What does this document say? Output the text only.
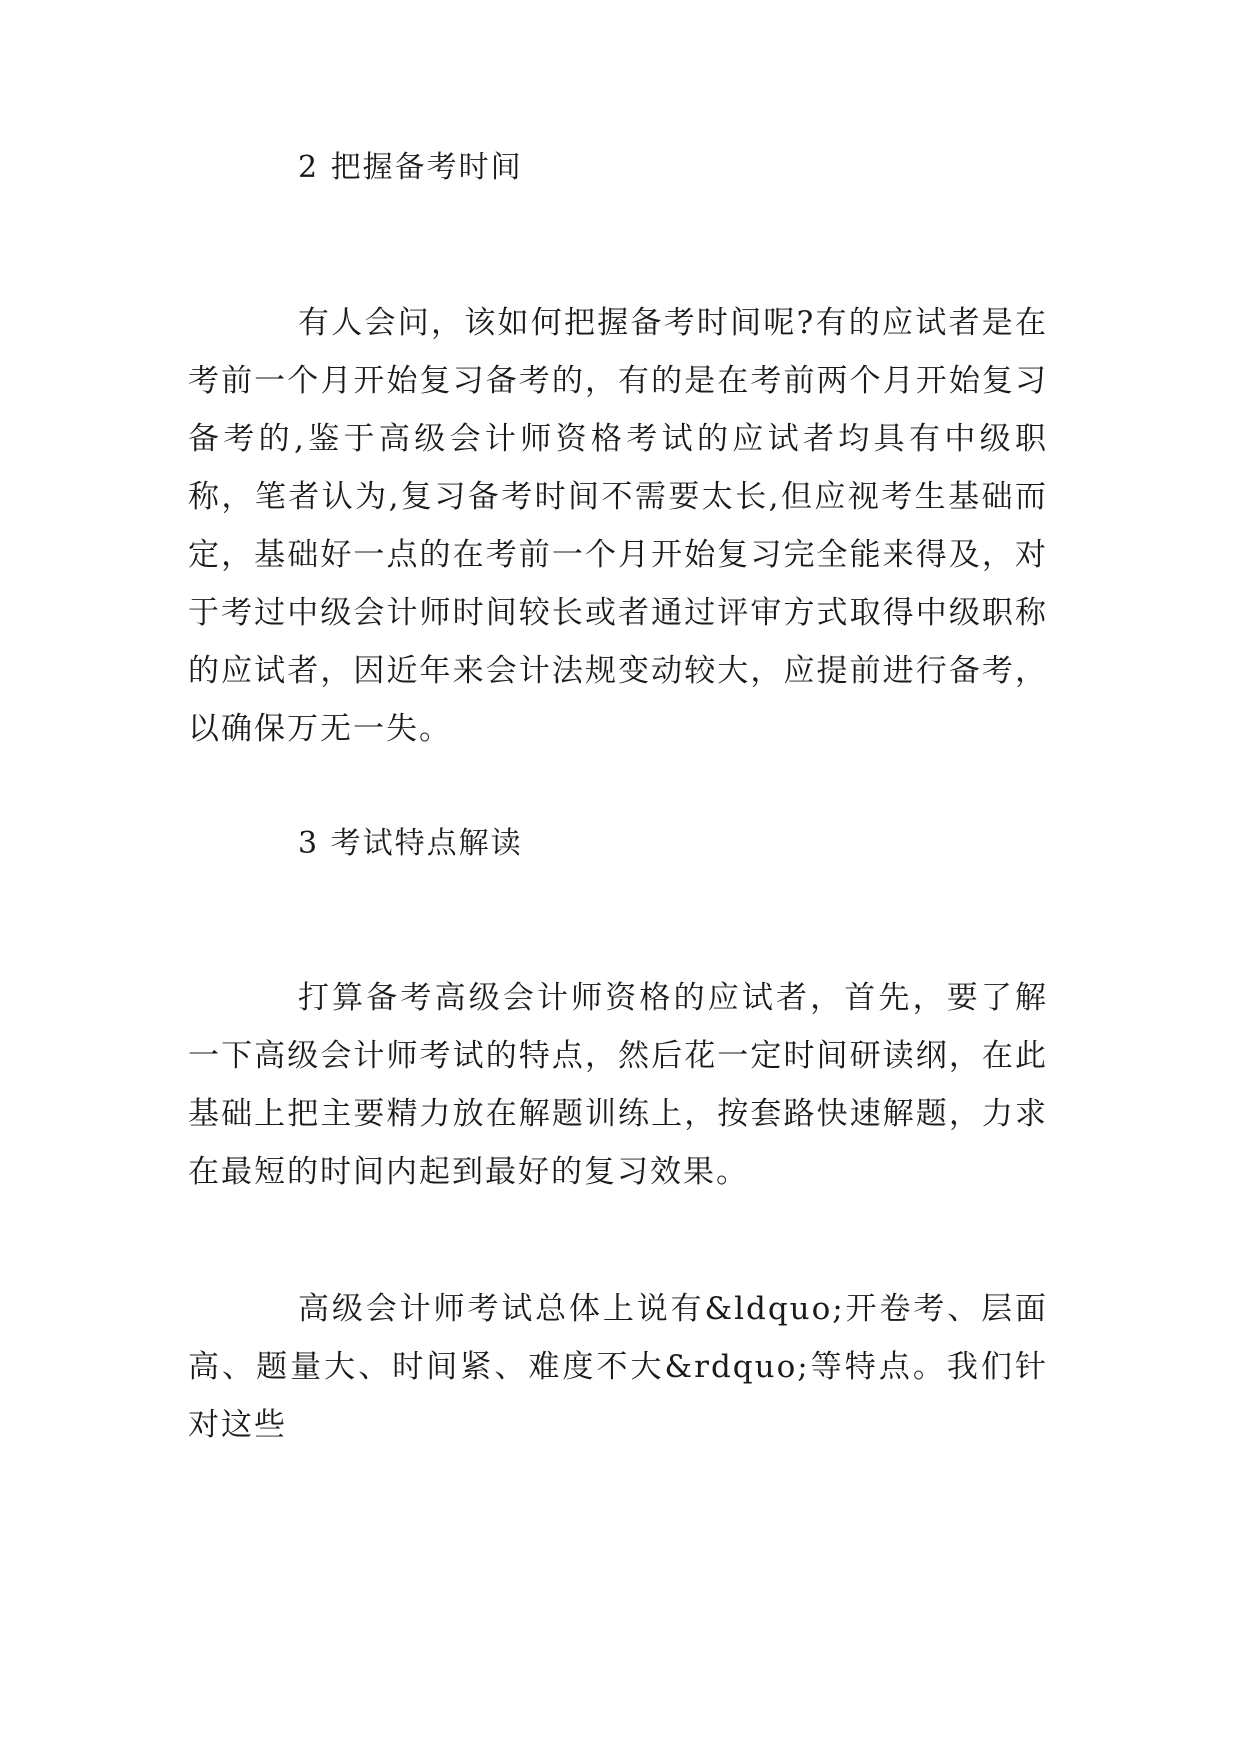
2 把握备考时间

有人会问，该如何把握备考时间呢?有的应试者是在考前一个月开始复习备考的，有的是在考前两个月开始复习备考的,鉴于高级会计师资格考试的应试者均具有中级职称，笔者认为,复习备考时间不需要太长,但应视考生基础而定，基础好一点的在考前一个月开始复习完全能来得及，对于考过中级会计师时间较长或者通过评审方式取得中级职称的应试者，因近年来会计法规变动较大，应提前进行备考，以确保万无一失。

3 考试特点解读

打算备考高级会计师资格的应试者，首先，要了解一下高级会计师考试的特点，然后花一定时间研读纲，在此基础上把主要精力放在解题训练上，按套路快速解题，力求在最短的时间内起到最好的复习效果。

高级会计师考试总体上说有&ldquo;开卷考、层面高、题量大、时间紧、难度不大&rdquo;等特点。我们针对这些
